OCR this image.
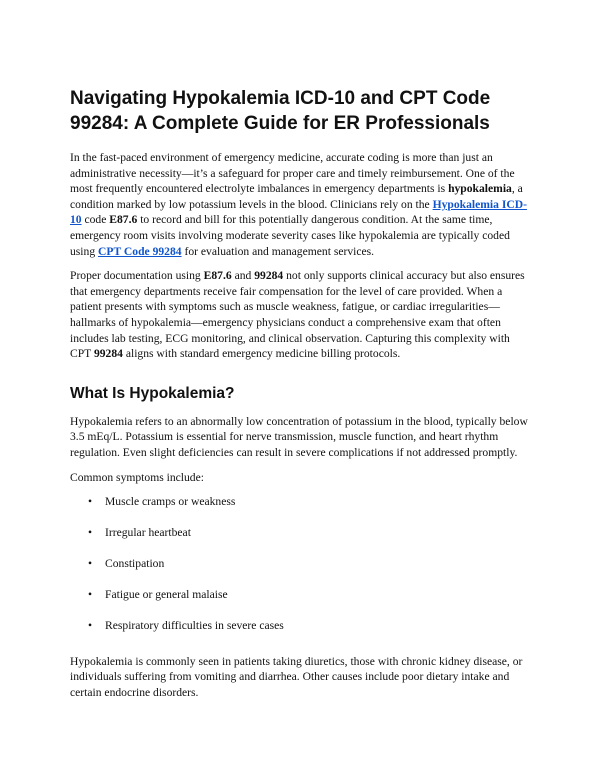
Navigating Hypokalemia ICD-10 and CPT Code 99284: A Complete Guide for ER Professionals

In the fast-paced environment of emergency medicine, accurate coding is more than just an administrative necessity—it’s a safeguard for proper care and timely reimbursement. One of the most frequently encountered electrolyte imbalances in emergency departments is hypokalemia, a condition marked by low potassium levels in the blood. Clinicians rely on the Hypokalemia ICD-10 code E87.6 to record and bill for this potentially dangerous condition. At the same time, emergency room visits involving moderate severity cases like hypokalemia are typically coded using CPT Code 99284 for evaluation and management services.

Proper documentation using E87.6 and 99284 not only supports clinical accuracy but also ensures that emergency departments receive fair compensation for the level of care provided. When a patient presents with symptoms such as muscle weakness, fatigue, or cardiac irregularities—hallmarks of hypokalemia—emergency physicians conduct a comprehensive exam that often includes lab testing, ECG monitoring, and clinical observation. Capturing this complexity with CPT 99284 aligns with standard emergency medicine billing protocols.

What Is Hypokalemia?

Hypokalemia refers to an abnormally low concentration of potassium in the blood, typically below 3.5 mEq/L. Potassium is essential for nerve transmission, muscle function, and heart rhythm regulation. Even slight deficiencies can result in severe complications if not addressed promptly.

Common symptoms include:

• Muscle cramps or weakness
• Irregular heartbeat
• Constipation
• Fatigue or general malaise
• Respiratory difficulties in severe cases

Hypokalemia is commonly seen in patients taking diuretics, those with chronic kidney disease, or individuals suffering from vomiting and diarrhea. Other causes include poor dietary intake and certain endocrine disorders.
